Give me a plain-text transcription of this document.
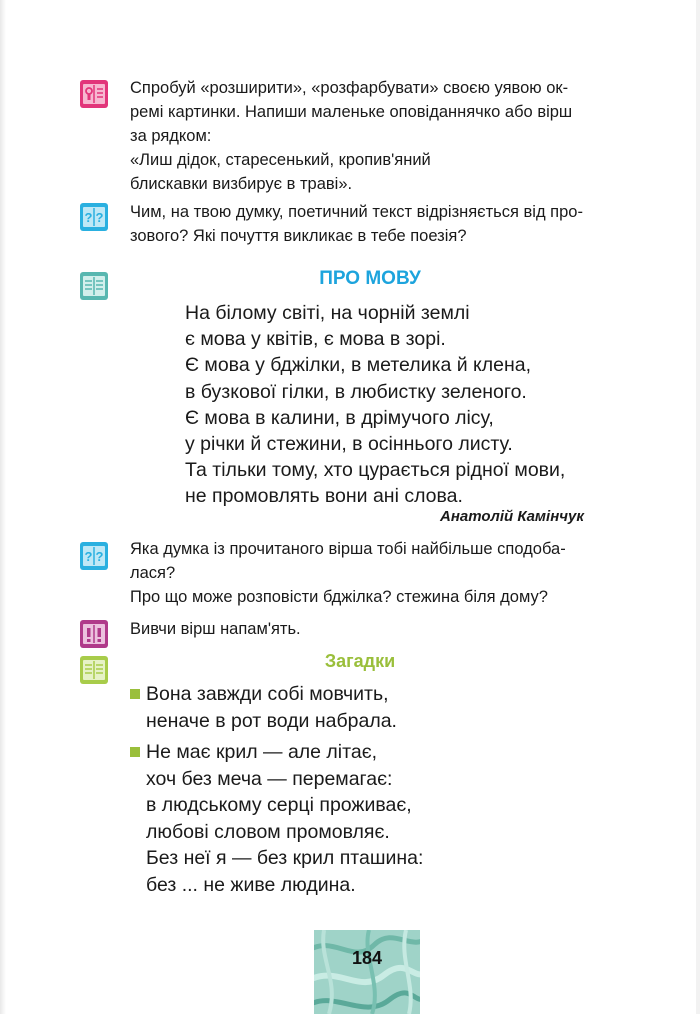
Спробуй «розширити», «розфарбувати» своєю уявою ок-

ремі картинки. Напиши маленьке оповіданнячко або вірш

за рядком:

«Лиш дідок, старесенький, кропив'яний

блискавки визбирує в траві».

? ? Чим, на твою думку, поетичний текст відрізняється від про-

зового? Які почуття викликає в тебе поезія?

ПРО МОВУ
На білому світі, на чорній землі
є мова у квітів, є мова в зорі.
Є мова у бджілки, в метелика й клена,
в бузкової гілки, в любистку зеленого.
Є мова в калини, в дрімучого лісу,
у річки й стежини, в осіннього листу.
Та тільки тому, хто цурається рідної мови,
не промовлять вони ані слова.
Анатолій Камінчук
? ? Яка думка із прочитаного вірша тобі найбільше сподоба-

лася?

Про що може розповісти бджілка? стежина біля дому?

Вивчи вірш напам'ять.

Загадки
Вона завжди собі мовчить,
неначе в рот води набрала.
Не має крил — але літає,
хоч без меча — перемагає:
в людському серці проживає,
любові словом промовляє.
Без неї я — без крил пташина:
без ... не живе людина.
184
